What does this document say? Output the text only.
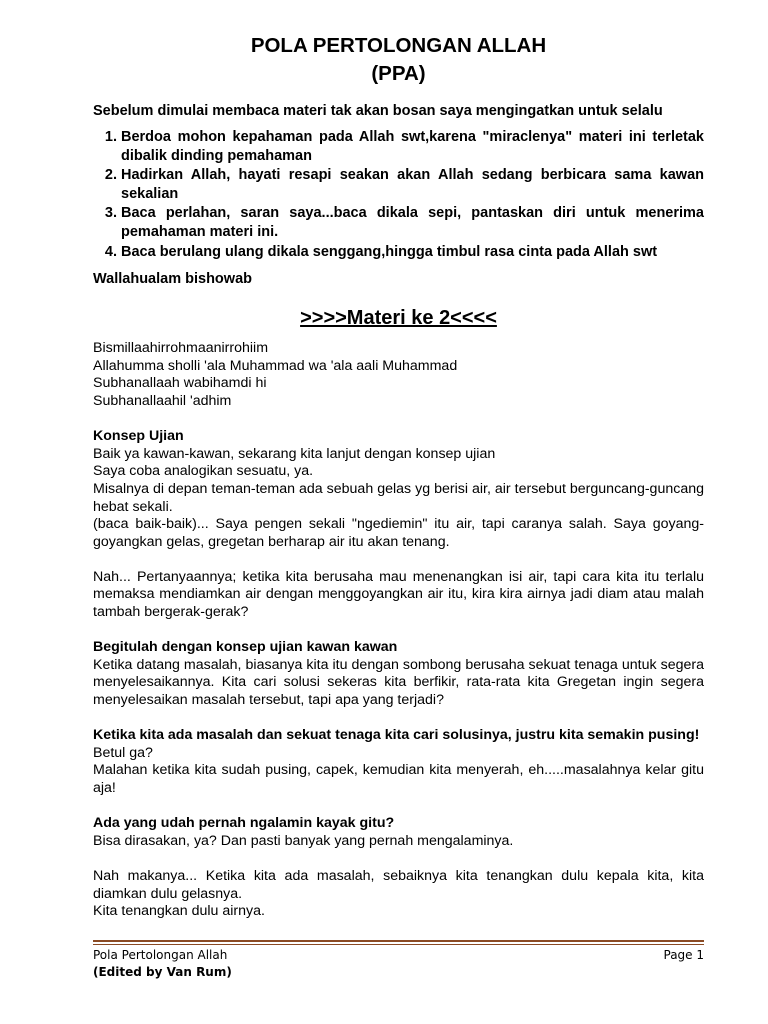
POLA PERTOLONGAN ALLAH
(PPA)
Sebelum dimulai membaca materi tak akan bosan saya mengingatkan untuk selalu
1. Berdoa mohon kepahaman pada Allah swt,karena "miraclenya" materi ini terletak dibalik dinding pemahaman
2. Hadirkan Allah, hayati resapi seakan akan Allah sedang berbicara sama kawan sekalian
3. Baca perlahan, saran saya...baca dikala sepi, pantaskan diri untuk menerima pemahaman materi ini.
4. Baca berulang ulang dikala senggang,hingga timbul rasa cinta pada Allah swt
Wallahualam bishowab
>>>>Materi ke 2<<<<
Bismillaahirrohmaanirrohiim
Allahumma sholli 'ala Muhammad wa 'ala aali Muhammad
Subhanallaah wabihamdi hi
Subhanallaahil 'adhim
Konsep Ujian
Baik ya kawan-kawan, sekarang kita lanjut dengan konsep ujian
Saya coba analogikan sesuatu, ya.
Misalnya di depan teman-teman ada sebuah gelas yg berisi air, air tersebut berguncang-guncang hebat sekali.
(baca baik-baik)... Saya pengen sekali "ngediemin" itu air, tapi caranya salah. Saya goyang-goyangkan gelas, gregetan berharap air itu akan tenang.
Nah... Pertanyaannya; ketika kita berusaha mau menenangkan isi air, tapi cara kita itu terlalu memaksa mendiamkan air dengan menggoyangkan air itu, kira kira airnya jadi diam atau malah tambah bergerak-gerak?
Begitulah dengan konsep ujian kawan kawan
Ketika datang masalah, biasanya kita itu dengan sombong berusaha sekuat tenaga untuk segera menyelesaikannya. Kita cari solusi sekeras kita berfikir, rata-rata kita Gregetan ingin segera menyelesaikan masalah tersebut, tapi apa yang terjadi?
Ketika kita ada masalah dan sekuat tenaga kita cari solusinya, justru kita semakin pusing!
Betul ga?
Malahan ketika kita sudah pusing, capek, kemudian kita menyerah, eh.....masalahnya kelar gitu aja!
Ada yang udah pernah ngalamin kayak gitu?
Bisa dirasakan, ya? Dan pasti banyak yang pernah mengalaminya.
Nah makanya... Ketika kita ada masalah, sebaiknya kita tenangkan dulu kepala kita, kita diamkan dulu gelasnya.
Kita tenangkan dulu airnya.
Pola Pertolongan Allah
(Edited by Van Rum)
Page 1
